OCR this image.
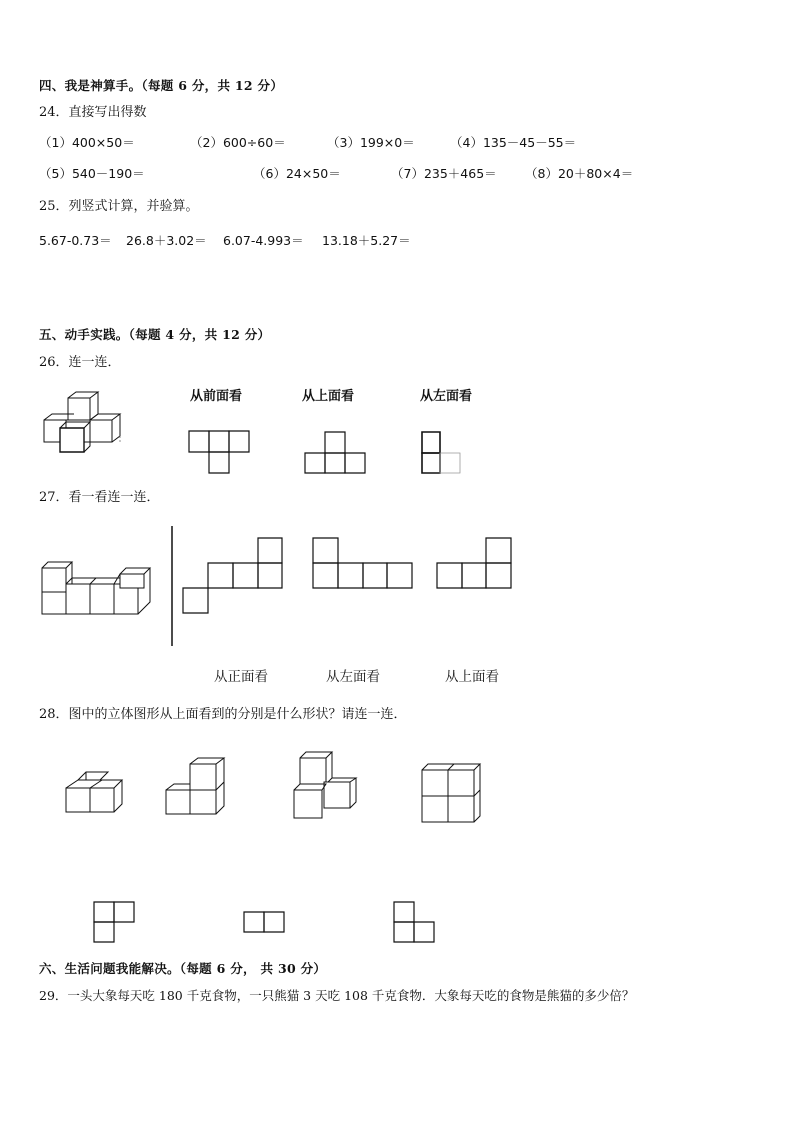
四、我是神算手。（每题 6 分，共 12 分）
24．直接写出得数
（1）400×50＝	（2）600÷60＝	（3）199×0＝	（4）135－45－55＝
（5）540－190＝	（6）24×50＝	（7）235＋465＝ （8）20＋80×4＝
25．列竖式计算，并验算。
5.67-0.73＝ 26.8＋3.02＝ 6.07-4.993＝ 13.18＋5.27＝
五、动手实践。（每题 4 分，共 12 分）
26．连一连．
从前面看	从上面看	从左面看
27．看一看连一连．
从正面看	从左面看	从上面看
28．图中的立体图形从上面看到的分别是什么形状？请连一连．
六、生活问题我能解决。（每题 6 分， 共 30 分）
29．一头大象每天吃 180 千克食物，一只熊猫 3 天吃 108 千克食物．大象每天吃的食物是熊猫的多少倍？
